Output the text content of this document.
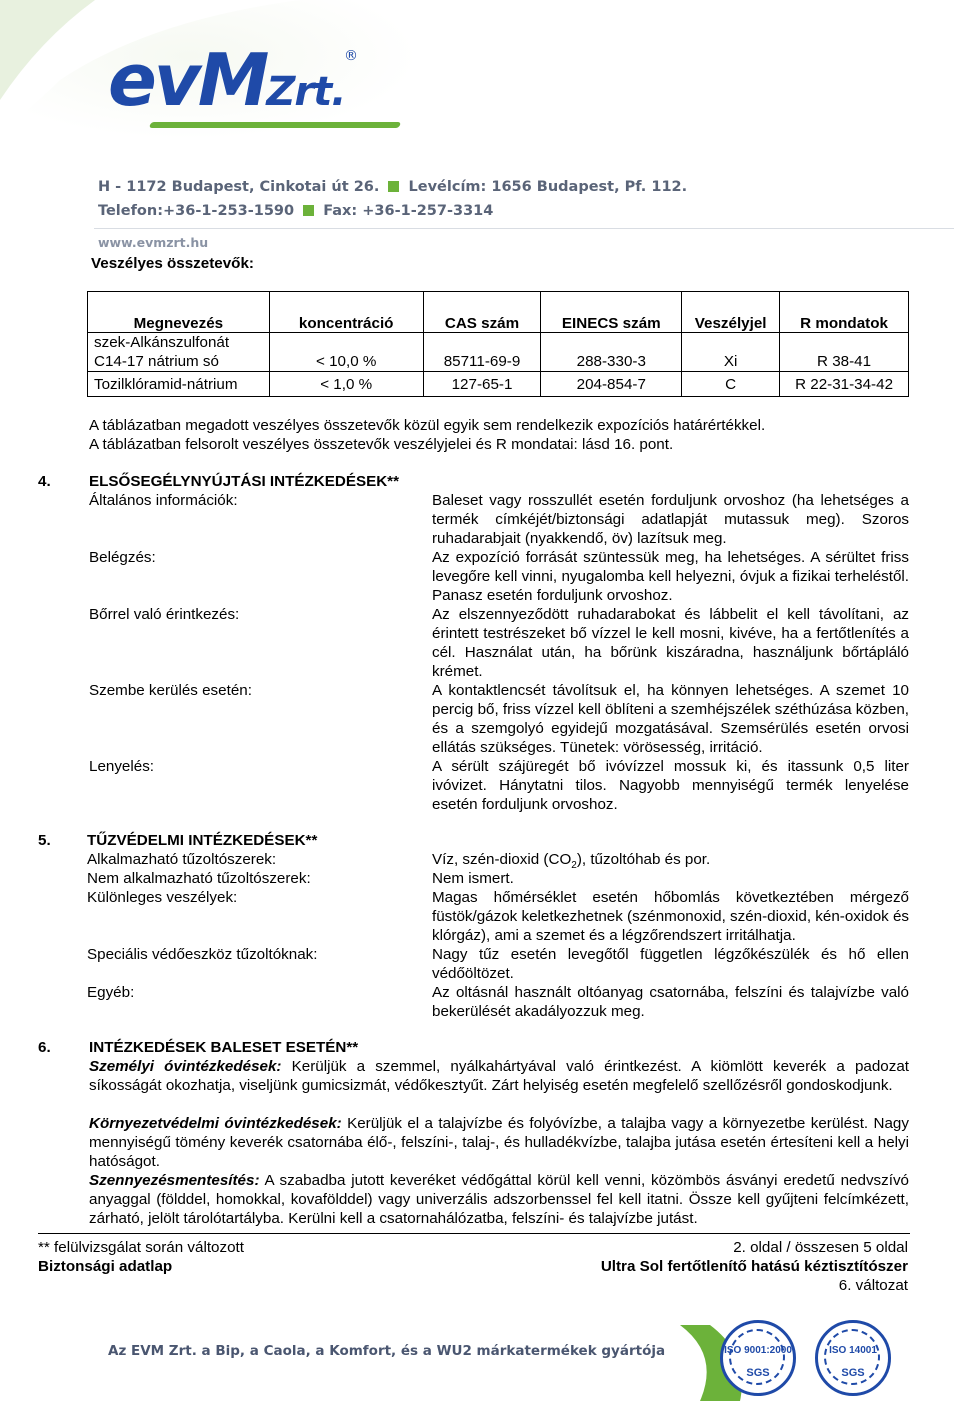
evMZrt.
®
H - 1172 Budapest, Cinkotai út 26. Levélcím: 1656 Budapest, Pf. 112.
Telefon:+36-1-253-1590 Fax: +36-1-257-3314
www.evmzrt.hu
Veszélyes összetevők:
Megnevezés	koncentráció	CAS szám	EINECS szám	Veszélyjel	R mondatok

szek-Alkánszulfonát
C14-17 nátrium só	< 10,0 %	85711-69-9	288-330-3	Xi	R 38-41
Tozilklóramid-nátrium	< 1,0 %	127-65-1	204-854-7	C	R 22-31-34-42
A táblázatban megadott veszélyes összetevők közül egyik sem rendelkezik expozíciós határértékkel.
A táblázatban felsorolt veszélyes összetevők veszélyjelei és R mondatai: lásd 16. pont.
4.	ELSŐSEGÉLYNYÚJTÁSI INTÉZKEDÉSEK**
Általános információk:	Baleset vagy rosszullét esetén forduljunk orvoshoz (ha lehetséges a termék címkéjét/biztonsági adatlapját mutassuk meg). Szoros ruhadarabjait (nyakkendő, öv) lazítsuk meg.
Belégzés:	Az expozíció forrását szüntessük meg, ha lehetséges. A sérültet friss levegőre kell vinni, nyugalomba kell helyezni, óvjuk a fizikai terheléstől. Panasz esetén forduljunk orvoshoz.
Bőrrel való érintkezés:	Az elszennyeződött ruhadarabokat és lábbelit el kell távolítani, az érintett testrészeket bő vízzel le kell mosni, kivéve, ha a fertőtlenítés a cél. Használat után, ha bőrünk kiszáradna, használjunk bőrtápláló krémet.
Szembe kerülés esetén:	A kontaktlencsét távolítsuk el, ha könnyen lehetséges. A szemet 10 percig bő, friss vízzel kell öblíteni a szemhéjszélek széthúzása közben, és a szemgolyó egyidejű mozgatásával. Szemsérülés esetén orvosi ellátás szükséges. Tünetek: vörösesség, irritáció.
Lenyelés:	A sérült szájüregét bő ivóvízzel mossuk ki, és itassunk 0,5 liter ivóvizet. Hánytatni tilos. Nagyobb mennyiségű termék lenyelése esetén forduljunk orvoshoz.
5. TŰZVÉDELMI INTÉZKEDÉSEK**
Alkalmazható tűzoltószerek:	Víz, szén-dioxid $(CO_2)$, tűzoltóhab és por.
Nem alkalmazható tűzoltószerek:	Nem ismert.
Különleges veszélyek:	Magas hőmérséklet esetén hőbomlás következtében mérgező füstök/gázok keletkezhetnek (szénmonoxid, szén-dioxid, kén-oxidok és klórgáz), ami a szemet és a légzőrendszert irritálhatja.
Speciális védőeszköz tűzoltóknak:	Nagy tűz esetén levegőtől független légzőkészülék és hő ellen védőöltözet.
Egyéb:	Az oltásnál használt oltóanyag csatornába, felszíni és talajvízbe való bekerülését akadályozzuk meg.
6.	INTÉZKEDÉSEK BALESET ESETÉN**
Személyi óvintézkedések: Kerüljük a szemmel, nyálkahártyával való érintkezést. A kiömlött keverék a padozat síkosságát okozhatja, viseljünk gumicsizmát, védőkesztyűt. Zárt helyiség esetén megfelelő szellőzésről gondoskodjunk.
Környezetvédelmi óvintézkedések: Kerüljük el a talajvízbe és folyóvízbe, a talajba vagy a környezetbe kerülést. Nagy mennyiségű tömény keverék csatornába élő-, felszíni-, talaj-, és hulladékvízbe, talajba jutása esetén értesíteni kell a helyi hatóságot.
Szennyezésmentesítés: A szabadba jutott keveréket védőgáttal körül kell venni, közömbös ásványi eredetű nedvszívó anyaggal (földdel, homokkal, kovafölddel) vagy univerzális adszorbenssel fel kell itatni. Össze kell gyűjteni felcímkézett, zárható, jelölt tárolótartályba. Kerülni kell a csatornahálózatba, felszíni- és talajvízbe jutást.
** felülvizsgálat során változott
Biztonsági adatlap
2. oldal / összesen 5 oldal
Ultra Sol fertőtlenítő hatású kéztisztítószer
6. változat
Az EVM Zrt. a Bip, a Caola, a Komfort, és a WU2 márkatermékek gyártója	ISO 9001:2000
SGS
ISO 14001
SGS
